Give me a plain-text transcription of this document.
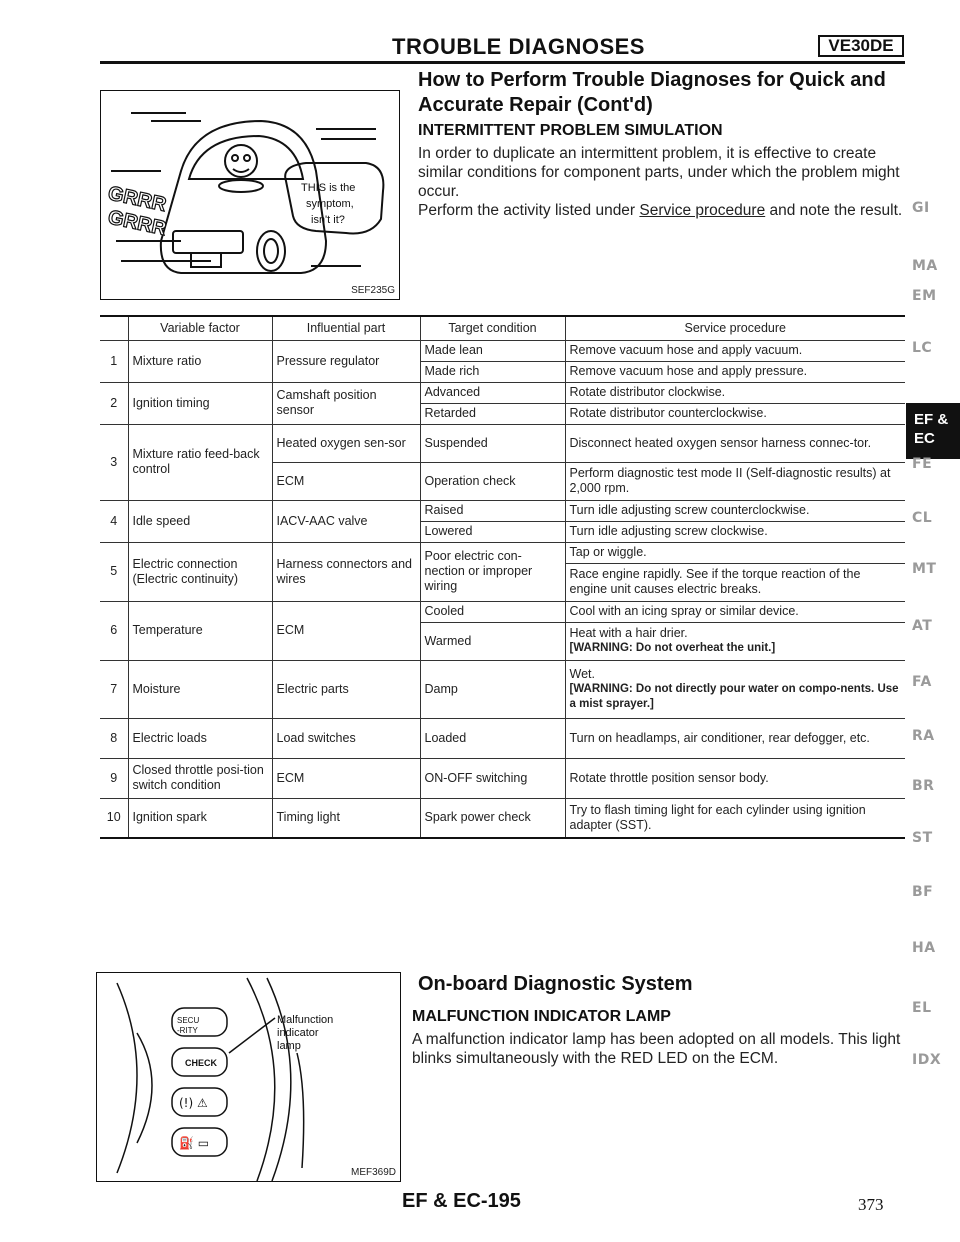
TROUBLE DIAGNOSES	VE30DE
THIS is the
symptom,
isn't it?
GRRR
GRRR
SEF235G
How to Perform Trouble Diagnoses for Quick and Accurate Repair (Cont'd)
INTERMITTENT PROBLEM SIMULATION
In order to duplicate an intermittent problem, it is effective to create similar conditions for component parts, under which the problem might occur.
Perform the activity listed under Service procedure and note the result.
	Variable factor	Influential part	Target condition	Service procedure
1	Mixture ratio	Pressure regulator	Made lean	Remove vacuum hose and apply vacuum.
			Made rich	Remove vacuum hose and apply pressure.
2	Ignition timing	Camshaft position sensor	Advanced	Rotate distributor clockwise.
			Retarded	Rotate distributor counterclockwise.
3	Mixture ratio feed-back control	Heated oxygen sen-sor	Suspended	Disconnect heated oxygen sensor harness connec-tor.
		ECM	Operation check	Perform diagnostic test mode II (Self-diagnostic results) at 2,000 rpm.
4	Idle speed	IACV-AAC valve	Raised	Turn idle adjusting screw counterclockwise.
			Lowered	Turn idle adjusting screw clockwise.
5	Electric connection (Electric continuity)	Harness connectors and wires	Poor electric con-nection or improper wiring	Tap or wiggle.
				Race engine rapidly. See if the torque reaction of the engine unit causes electric breaks.
6	Temperature	ECM	Cooled	Cool with an icing spray or similar device.
			Warmed	Heat with a hair drier.
[WARNING: Do not overheat the unit.]

7	Moisture	Electric parts	Damp	Wet.
[WARNING: Do not directly pour water on compo-nents. Use a mist sprayer.]

8	Electric loads	Load switches	Loaded	Turn on headlamps, air conditioner, rear defogger, etc.
9	Closed throttle posi-tion switch condition	ECM	ON-OFF switching	Rotate throttle position sensor body.
10	Ignition spark	Timing light	Spark power check	Try to flash timing light for each cylinder using ignition adapter (SST).
SECU
-RITY
CHECK
(!) ⚠
⛽ ▭
Malfunction
indicator
lamp
MEF369D
On-board Diagnostic System
MALFUNCTION INDICATOR LAMP
A malfunction indicator lamp has been adopted on all models. This light blinks simultaneously with the RED LED on the ECM.
GI
MA
EM
LC
EF & EC
FE
CL
MT
AT
FA
RA
BR
ST
BF
HA
EL
IDX
EF & EC-195	373
